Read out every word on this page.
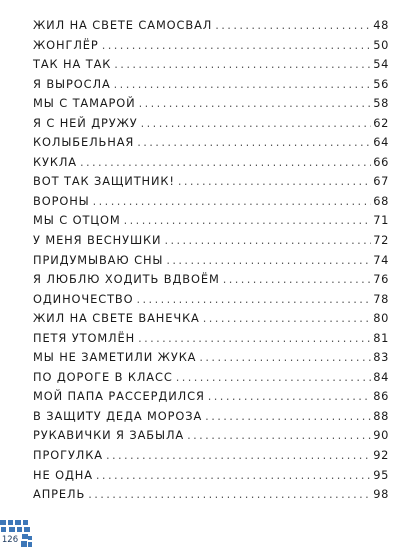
ЖИЛ НА СВЕТЕ САМОСВАЛ .....	48
ЖОНГЛЁР .....	50
ТАК НА ТАК .....	54
Я ВЫРОСЛА .....	56
МЫ С ТАМАРОЙ .....	58
Я С НЕЙ ДРУЖУ .....	62
КОЛЫБЕЛЬНАЯ .....	64
КУКЛА .....	66
ВОТ ТАК ЗАЩИТНИК! .....	67
ВОРОНЫ .....	68
МЫ С ОТЦОМ .....	71
У МЕНЯ ВЕСНУШКИ .....	72
ПРИДУМЫВАЮ СНЫ .....	74
Я ЛЮБЛЮ ХОДИТЬ ВДВОЁМ .....	76
ОДИНОЧЕСТВО .....	78
ЖИЛ НА СВЕТЕ ВАНЕЧКА .....	80
ПЕТЯ УТОМЛЁН .....	81
МЫ НЕ ЗАМЕТИЛИ ЖУКА .....	83
ПО ДОРОГЕ В КЛАСС .....	84
МОЙ ПАПА РАССЕРДИЛСЯ .....	86
В ЗАЩИТУ ДЕДА МОРОЗА .....	88
РУКАВИЧКИ Я ЗАБЫЛА .....	90
ПРОГУЛКА .....	92
НЕ ОДНА .....	95
АПРЕЛЬ .....	98
126
